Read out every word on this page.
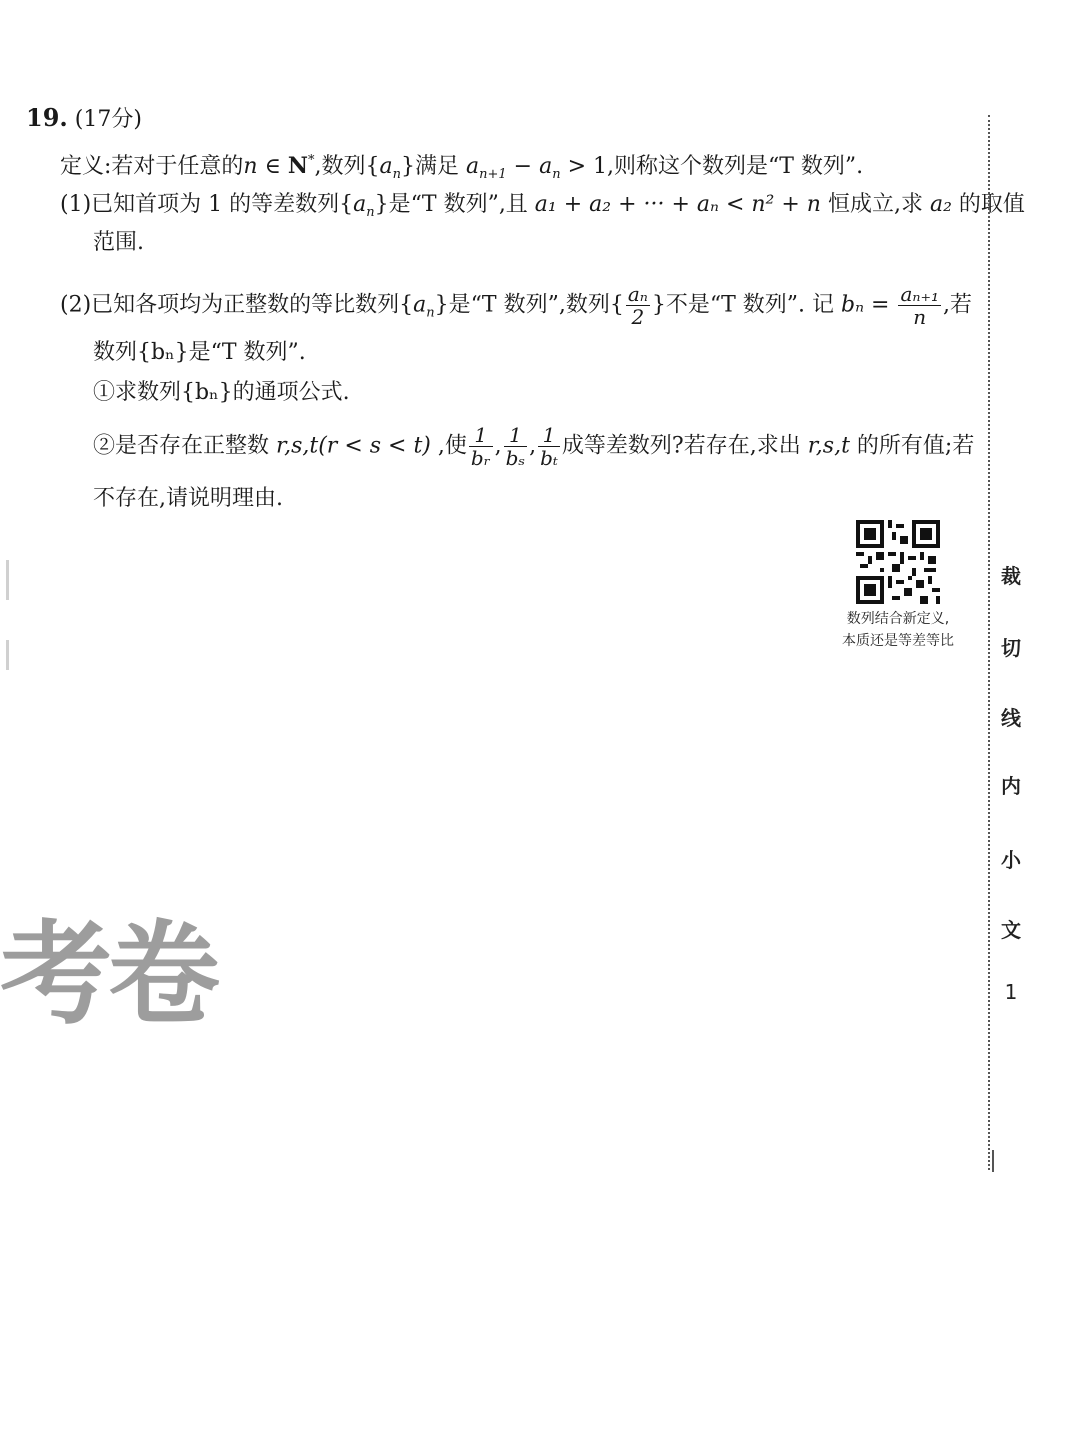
19. (17分)
定义:若对于任意的n ∈ N*,数列$\{a_n\}$满足 $a_{n+1} - a_n > 1$,则称这个数列是“T 数列”.
(1)已知首项为 1 的等差数列$\{a_n\}$是“T 数列”,且 a₁ + a₂ + ··· + aₙ < n² + n 恒成立,求 a₂ 的取值
范围.
(2)已知各项均为正整数的等比数列$\{a_n\}$是“T 数列”,数列{ $\frac{\text{aₙ}}{2}$ }不是“T 数列”. 记 $b_n = \frac{\text{aₙ₊₁}}{n}$ ,若
数列{bₙ}是“T 数列”.
①求数列{bₙ}的通项公式.
②是否存在正整数 r,s,t(r < s < t) ,使 $\frac{1}{\text{bᵣ}}$ , $\frac{1}{\text{bₛ}}$ , $\frac{1}{\text{bₜ}}$ 成等差数列?若存在,求出 r,s,t 的所有值;若
不存在,请说明理由.
数列结合新定义,
本质还是等差等比
裁
切
线
内
小
文
1
考卷
